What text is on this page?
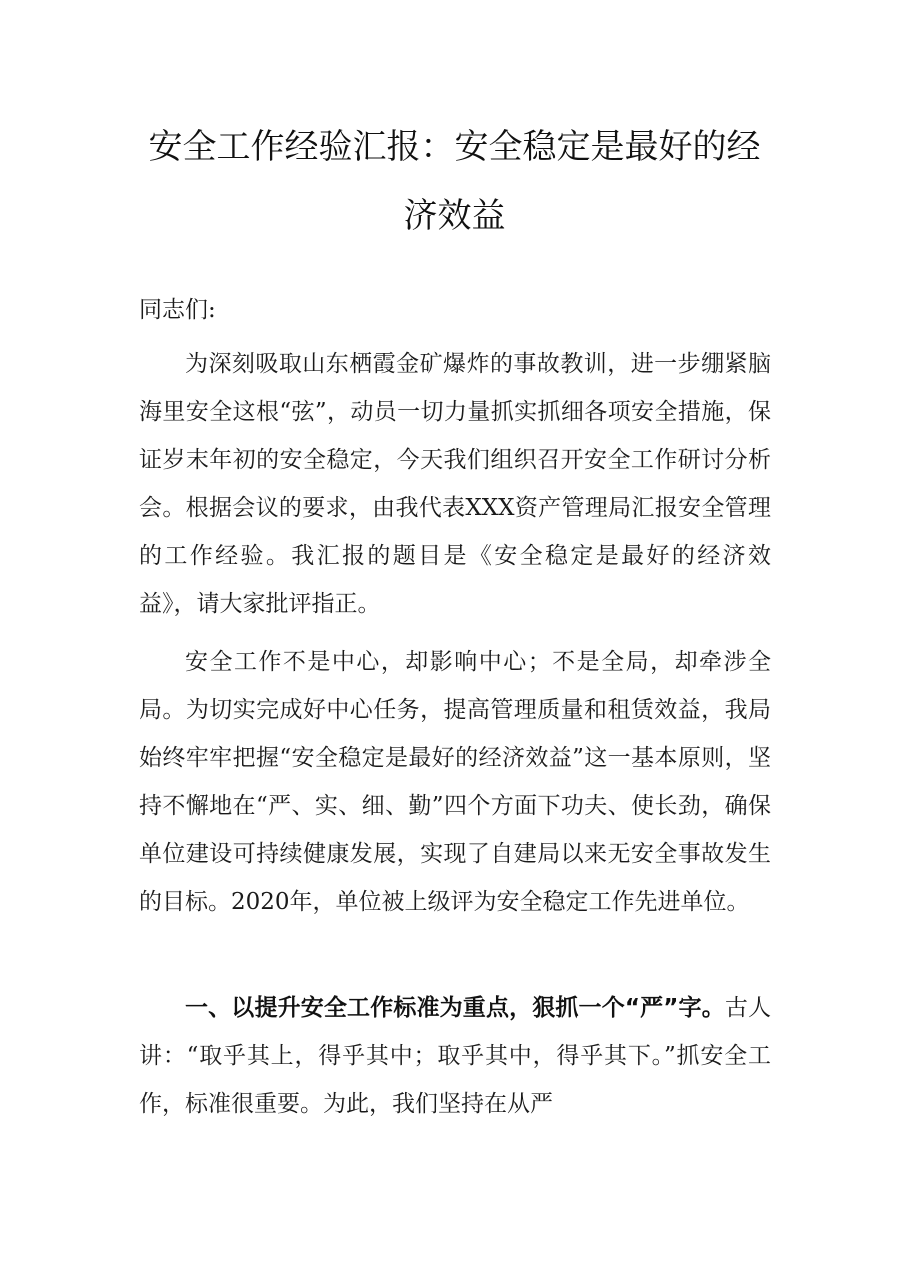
安全工作经验汇报：安全稳定是最好的经
济效益

同志们:

为深刻吸取山东栖霞金矿爆炸的事故教训，进一步绷紧脑海里安全这根“弦”，动员一切力量抓实抓细各项安全措施，保证岁末年初的安全稳定，今天我们组织召开安全工作研讨分析会。根据会议的要求，由我代表XXX资产管理局汇报安全管理的工作经验。我汇报的题目是《安全稳定是最好的经济效益》，请大家批评指正。

安全工作不是中心，却影响中心；不是全局，却牵涉全局。为切实完成好中心任务，提高管理质量和租赁效益，我局始终牢牢把握“安全稳定是最好的经济效益”这一基本原则，坚持不懈地在“严、实、细、勤”四个方面下功夫、使长劲，确保单位建设可持续健康发展，实现了自建局以来无安全事故发生的目标。2020年，单位被上级评为安全稳定工作先进单位。

一、以提升安全工作标准为重点，狠抓一个“严”字。古人讲：“取乎其上，得乎其中；取乎其中，得乎其下。”抓安全工作，标准很重要。为此，我们坚持在从严
